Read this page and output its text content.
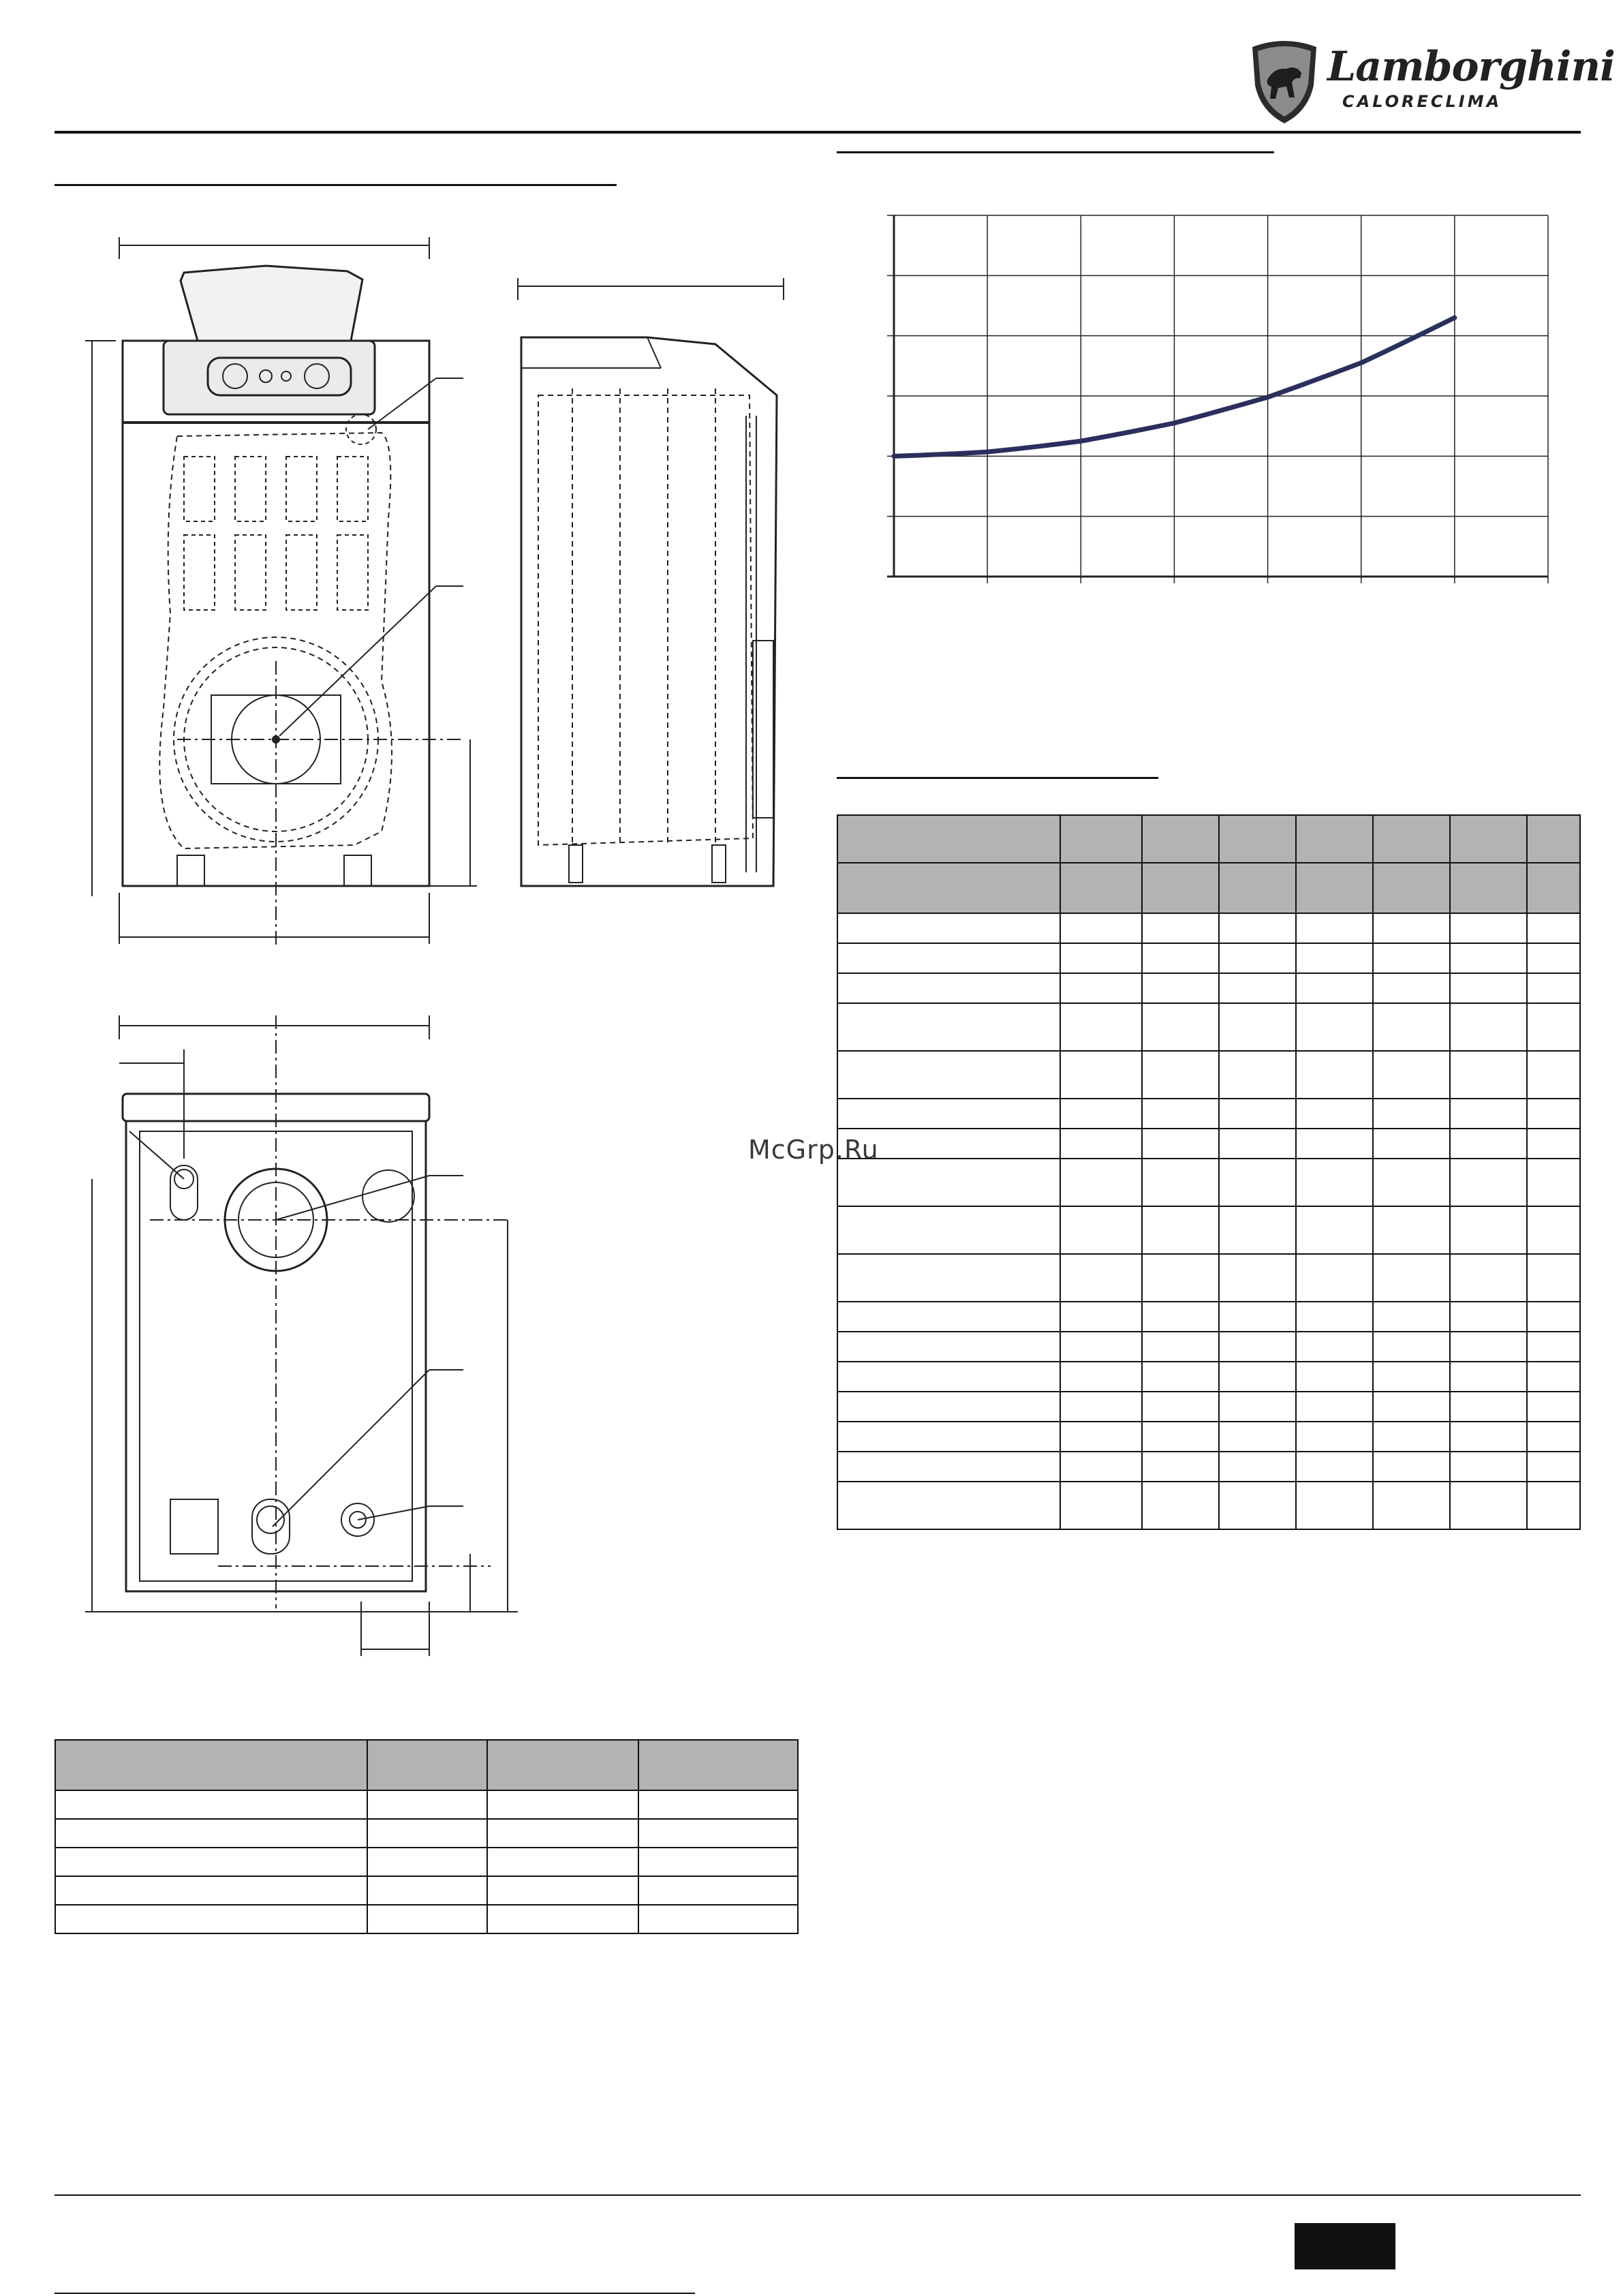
Lamborghini
CALORECLIMA
McGrp.Ru
